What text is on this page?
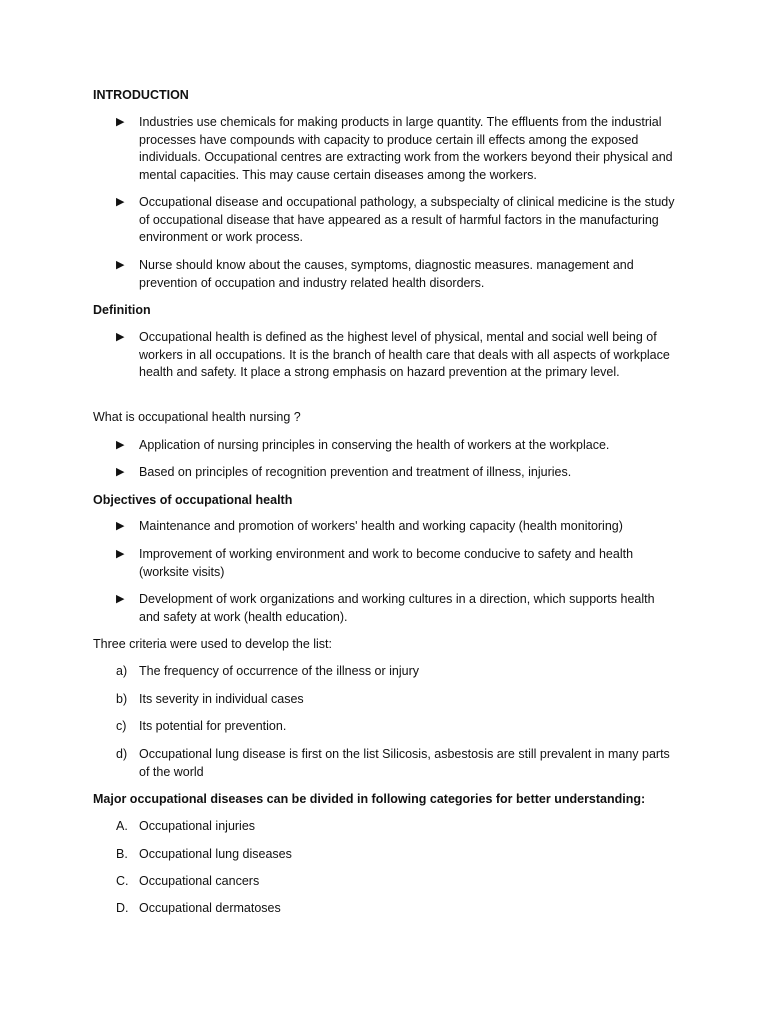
INTRODUCTION

▶	Industries use chemicals for making products in large quantity. The effluents from the industrial processes have compounds with capacity to produce certain ill effects among the exposed individuals. Occupational centres are extracting work from the workers beyond their physical and mental capacities. This may cause certain diseases among the workers.
▶	Occupational disease and occupational pathology, a subspecialty of clinical medicine is the study of occupational disease that have appeared as a result of harmful factors in the manufacturing environment or work process.
▶	Nurse should know about the causes, symptoms, diagnostic measures. management and prevention of occupation and industry related health disorders.

Definition

▶	Occupational health is defined as the highest level of physical, mental and social well being of workers in all occupations. It is the branch of health care that deals with all aspects of workplace health and safety. It place a strong emphasis on hazard prevention at the primary level.

What is occupational health nursing ?

▶	Application of nursing principles in conserving the health of workers at the workplace.
▶	Based on principles of recognition prevention and treatment of illness, injuries.

Objectives of occupational health

▶	Maintenance and promotion of workers' health and working capacity (health monitoring)
▶	Improvement of working environment and work to become conducive to safety and health (worksite visits)
▶	Development of work organizations and working cultures in a direction, which supports health and safety at work (health education).

Three criteria were used to develop the list:

a) The frequency of occurrence of the illness or injury
b) Its severity in individual cases
c)	Its potential for prevention.
d) Occupational lung disease is first on the list Silicosis, asbestosis are still prevalent in many parts of the world

Major occupational diseases can be divided in following categories for better understanding:

A. Occupational injuries
B. Occupational lung diseases
C. Occupational cancers
D. Occupational dermatoses
